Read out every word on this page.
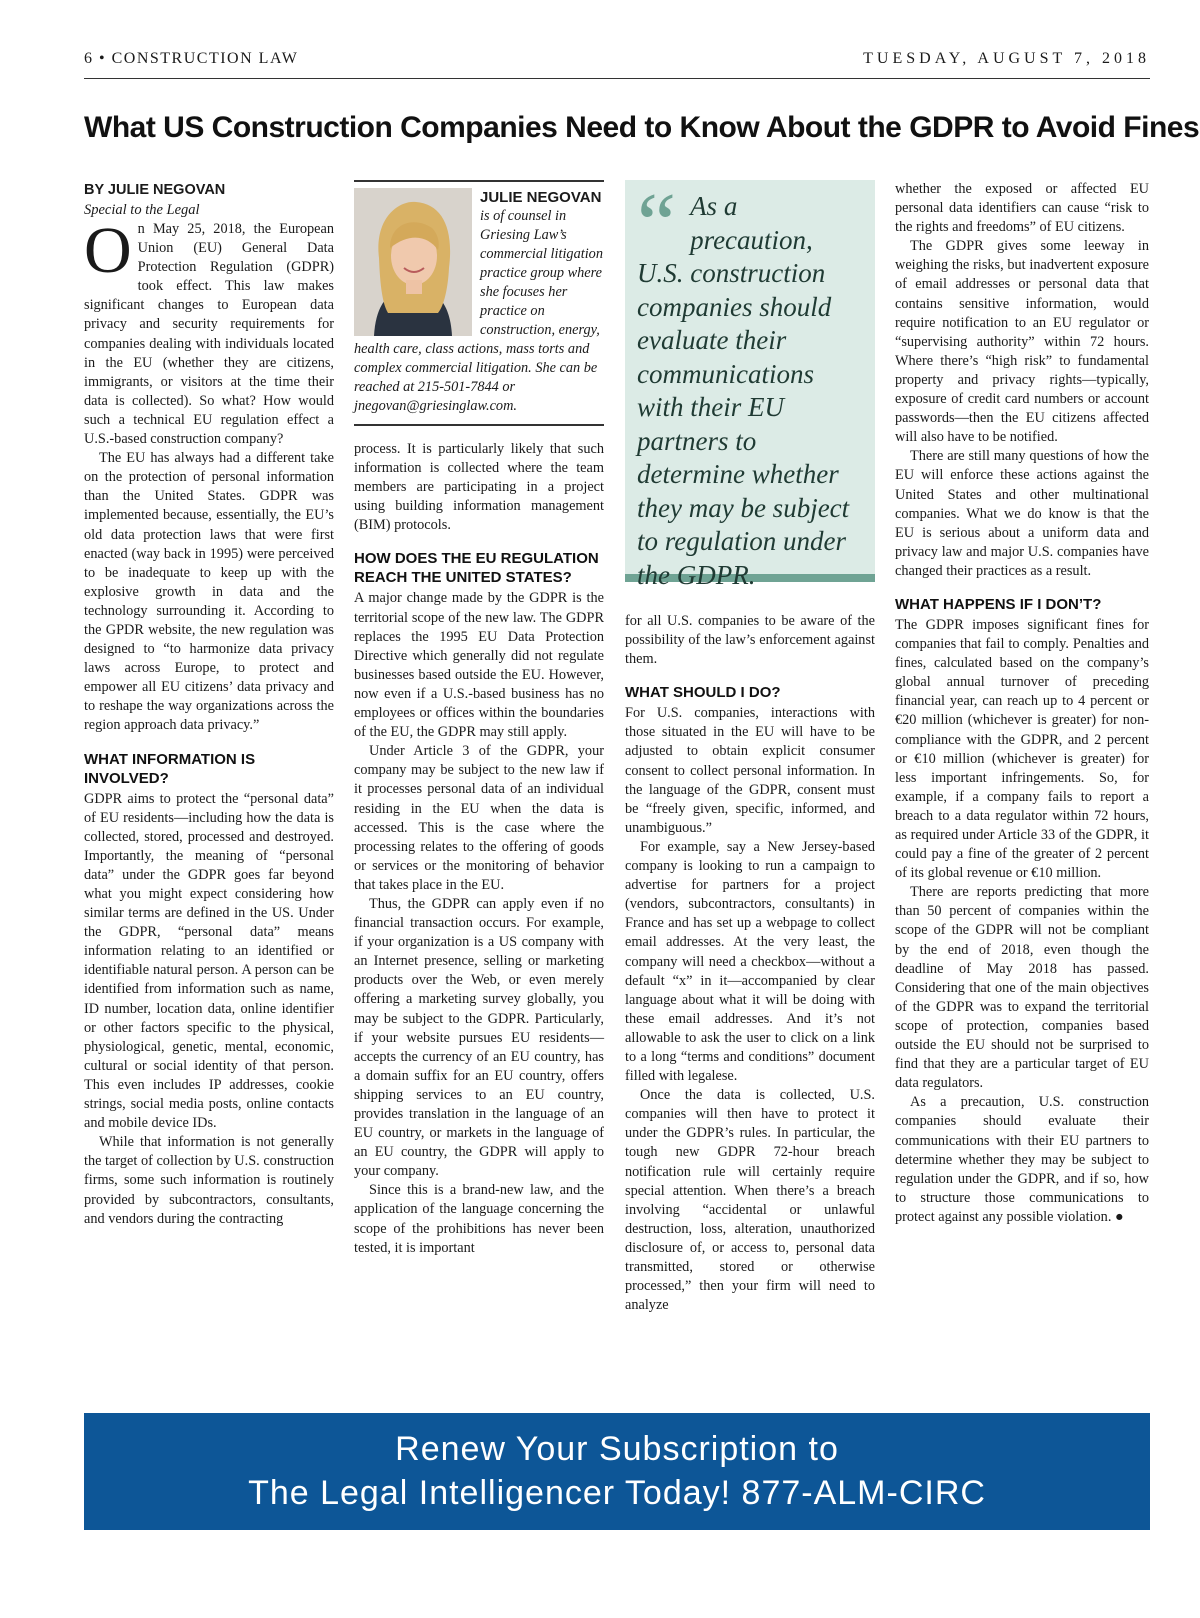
6 • CONSTRUCTION LAW	TUESDAY, AUGUST 7, 2018
What US Construction Companies Need to Know About the GDPR to Avoid Fines

BY JULIE NEGOVAN

Special to the Legal

On May 25, 2018, the European Union (EU) General Data Protection Regulation (GDPR) took effect. This law makes significant changes to European data privacy and security requirements for companies dealing with individuals located in the EU (whether they are citizens, immigrants, or visitors at the time their data is collected). So what? How would such a technical EU regulation effect a U.S.-based construction company?

The EU has always had a different take on the protection of personal information than the United States. GDPR was implemented because, essentially, the EU’s old data protection laws that were first enacted (way back in 1995) were perceived to be inadequate to keep up with the explosive growth in data and the technology surrounding it. According to the GPDR website, the new regulation was designed to “to harmonize data privacy laws across Europe, to protect and empower all EU citizens’ data privacy and to reshape the way organizations across the region approach data privacy.”

WHAT INFORMATION IS INVOLVED?

GDPR aims to protect the “personal data” of EU residents—including how the data is collected, stored, processed and destroyed. Importantly, the meaning of “personal data” under the GDPR goes far beyond what you might expect considering how similar terms are defined in the US. Under the GDPR, “personal data” means information relating to an identified or identifiable natural person. A person can be identified from information such as name, ID number, location data, online identifier or other factors specific to the physical, physiological, genetic, mental, economic, cultural or social identity of that person. This even includes IP addresses, cookie strings, social media posts, online contacts and mobile device IDs.

While that information is not generally the target of collection by U.S. construction firms, some such information is routinely provided by subcontractors, consultants, and vendors during the contracting

JULIE NEGOVAN
is of counsel in Griesing Law’s commercial litigation practice group where she focuses her practice on construction, energy, health care, class actions, mass torts and complex commercial litigation. She can be reached at 215-501-7844 or jnegovan@griesinglaw.com.

process. It is particularly likely that such information is collected where the team members are participating in a project using building information management (BIM) protocols.

HOW DOES THE EU REGULATION REACH THE UNITED STATES?

A major change made by the GDPR is the territorial scope of the new law. The GDPR replaces the 1995 EU Data Protection Directive which generally did not regulate businesses based outside the EU. However, now even if a U.S.-based business has no employees or offices within the boundaries of the EU, the GDPR may still apply.

Under Article 3 of the GDPR, your company may be subject to the new law if it processes personal data of an individual residing in the EU when the data is accessed. This is the case where the processing relates to the offering of goods or services or the monitoring of behavior that takes place in the EU.

Thus, the GDPR can apply even if no financial transaction occurs. For example, if your organization is a US company with an Internet presence, selling or marketing products over the Web, or even merely offering a marketing survey globally, you may be subject to the GDPR. Particularly, if your website pursues EU residents—accepts the currency of an EU country, has a domain suffix for an EU country, offers shipping services to an EU country, provides translation in the language of an EU country, or markets in the language of an EU country, the GDPR will apply to your company.

Since this is a brand-new law, and the application of the language concerning the scope of the prohibitions has never been tested, it is important

“ As a precaution, U.S. construction companies should evaluate their communications with their EU partners to determine whether they may be subject to regulation under the GDPR.

for all U.S. companies to be aware of the possibility of the law’s enforcement against them.

WHAT SHOULD I DO?

For U.S. companies, interactions with those situated in the EU will have to be adjusted to obtain explicit consumer consent to collect personal information. In the language of the GDPR, consent must be “freely given, specific, informed, and unambiguous.”

For example, say a New Jersey-based company is looking to run a campaign to advertise for partners for a project (vendors, subcontractors, consultants) in France and has set up a webpage to collect email addresses. At the very least, the company will need a checkbox—without a default “x” in it—accompanied by clear language about what it will be doing with these email addresses. And it’s not allowable to ask the user to click on a link to a long “terms and conditions” document filled with legalese.

Once the data is collected, U.S. companies will then have to protect it under the GDPR’s rules. In particular, the tough new GDPR 72-hour breach notification rule will certainly require special attention. When there’s a breach involving “accidental or unlawful destruction, loss, alteration, unauthorized disclosure of, or access to, personal data transmitted, stored or otherwise processed,” then your firm will need to analyze

whether the exposed or affected EU personal data identifiers can cause “risk to the rights and freedoms” of EU citizens.

The GDPR gives some leeway in weighing the risks, but inadvertent exposure of email addresses or personal data that contains sensitive information, would require notification to an EU regulator or “supervising authority” within 72 hours. Where there’s “high risk” to fundamental property and privacy rights—typically, exposure of credit card numbers or account passwords—then the EU citizens affected will also have to be notified.

There are still many questions of how the EU will enforce these actions against the United States and other multinational companies. What we do know is that the EU is serious about a uniform data and privacy law and major U.S. companies have changed their practices as a result.

WHAT HAPPENS IF I DON’T?

The GDPR imposes significant fines for companies that fail to comply. Penalties and fines, calculated based on the company’s global annual turnover of preceding financial year, can reach up to 4 percent or €20 million (whichever is greater) for non-compliance with the GDPR, and 2 percent or €10 million (whichever is greater) for less important infringements. So, for example, if a company fails to report a breach to a data regulator within 72 hours, as required under Article 33 of the GDPR, it could pay a fine of the greater of 2 percent of its global revenue or €10 million.

There are reports predicting that more than 50 percent of companies within the scope of the GDPR will not be compliant by the end of 2018, even though the deadline of May 2018 has passed. Considering that one of the main objectives of the GDPR was to expand the territorial scope of protection, companies based outside the EU should not be surprised to find that they are a particular target of EU data regulators.

As a precaution, U.S. construction companies should evaluate their communications with their EU partners to determine whether they may be subject to regulation under the GDPR, and if so, how to structure those communications to protect against any possible violation. ●

Renew Your Subscription to
The Legal Intelligencer Today! 877-ALM-CIRC
